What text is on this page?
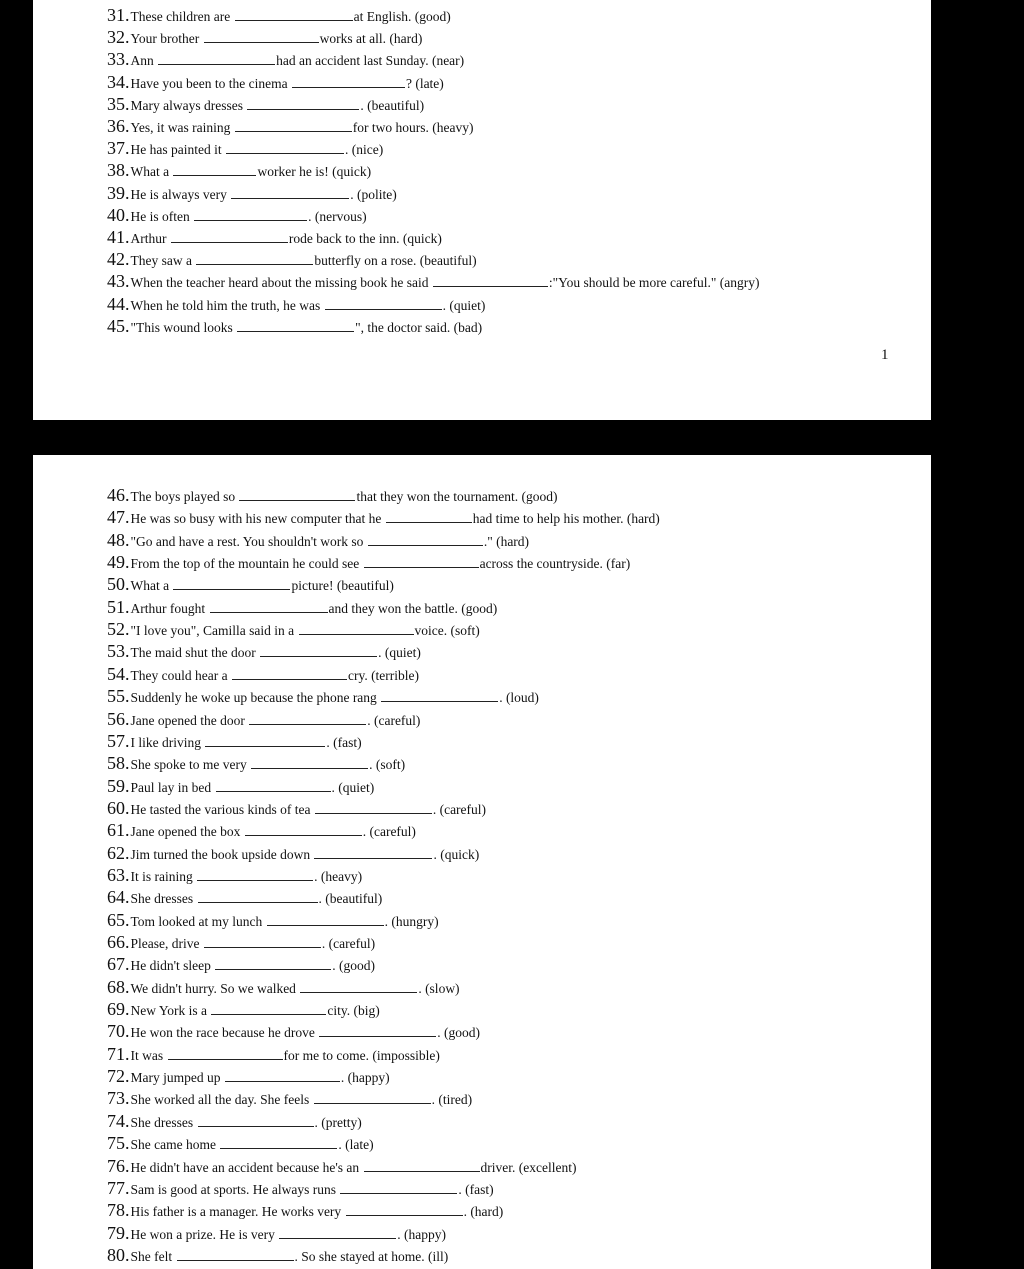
31.These children are	at English. (good)
32.Your brother	works at all. (hard)
33.Ann	had an accident last Sunday. (near)
34.Have you been to the cinema	? (late)
35.Mary always dresses	. (beautiful)
36.Yes, it was raining	for two hours. (heavy)
37.He has painted it	. (nice)
38.What a	worker he is! (quick)
39.He is always very	. (polite)
40.He is often	. (nervous)
41.Arthur	rode back to the inn. (quick)
42.They saw a	butterfly on a rose. (beautiful)
43.When the teacher heard about the missing book he said	:"You should be more careful." (angry)
44.When he told him the truth, he was	. (quiet)
45."This wound looks	", the doctor said. (bad)
1
46.The boys played so	that they won the tournament. (good)
47.He was so busy with his new computer that he	had time to help his mother. (hard)
48."Go and have a rest. You shouldn't work so	." (hard)
49.From the top of the mountain he could see	across the countryside. (far)
50.What a	picture! (beautiful)
51.Arthur fought	and they won the battle. (good)
52."I love you", Camilla said in a	voice. (soft)
53.The maid shut the door	. (quiet)
54.They could hear a	cry. (terrible)
55.Suddenly he woke up because the phone rang	. (loud)
56.Jane opened the door	. (careful)
57.I like driving	. (fast)
58.She spoke to me very	. (soft)
59.Paul lay in bed	. (quiet)
60.He tasted the various kinds of tea	. (careful)
61.Jane opened the box	. (careful)
62.Jim turned the book upside down	. (quick)
63.It is raining	. (heavy)
64.She dresses	. (beautiful)
65.Tom looked at my lunch	. (hungry)
66.Please, drive	. (careful)
67.He didn't sleep	. (good)
68.We didn't hurry. So we walked	. (slow)
69.New York is a	city. (big)
70.He won the race because he drove	. (good)
71.It was	for me to come. (impossible)
72.Mary jumped up	. (happy)
73.She worked all the day. She feels	. (tired)
74.She dresses	. (pretty)
75.She came home	. (late)
76.He didn't have an accident because he's an	driver. (excellent)
77.Sam is good at sports. He always runs	. (fast)
78.His father is a manager. He works very	. (hard)
79.He won a prize. He is very	. (happy)
80.She felt	. So she stayed at home. (ill)
